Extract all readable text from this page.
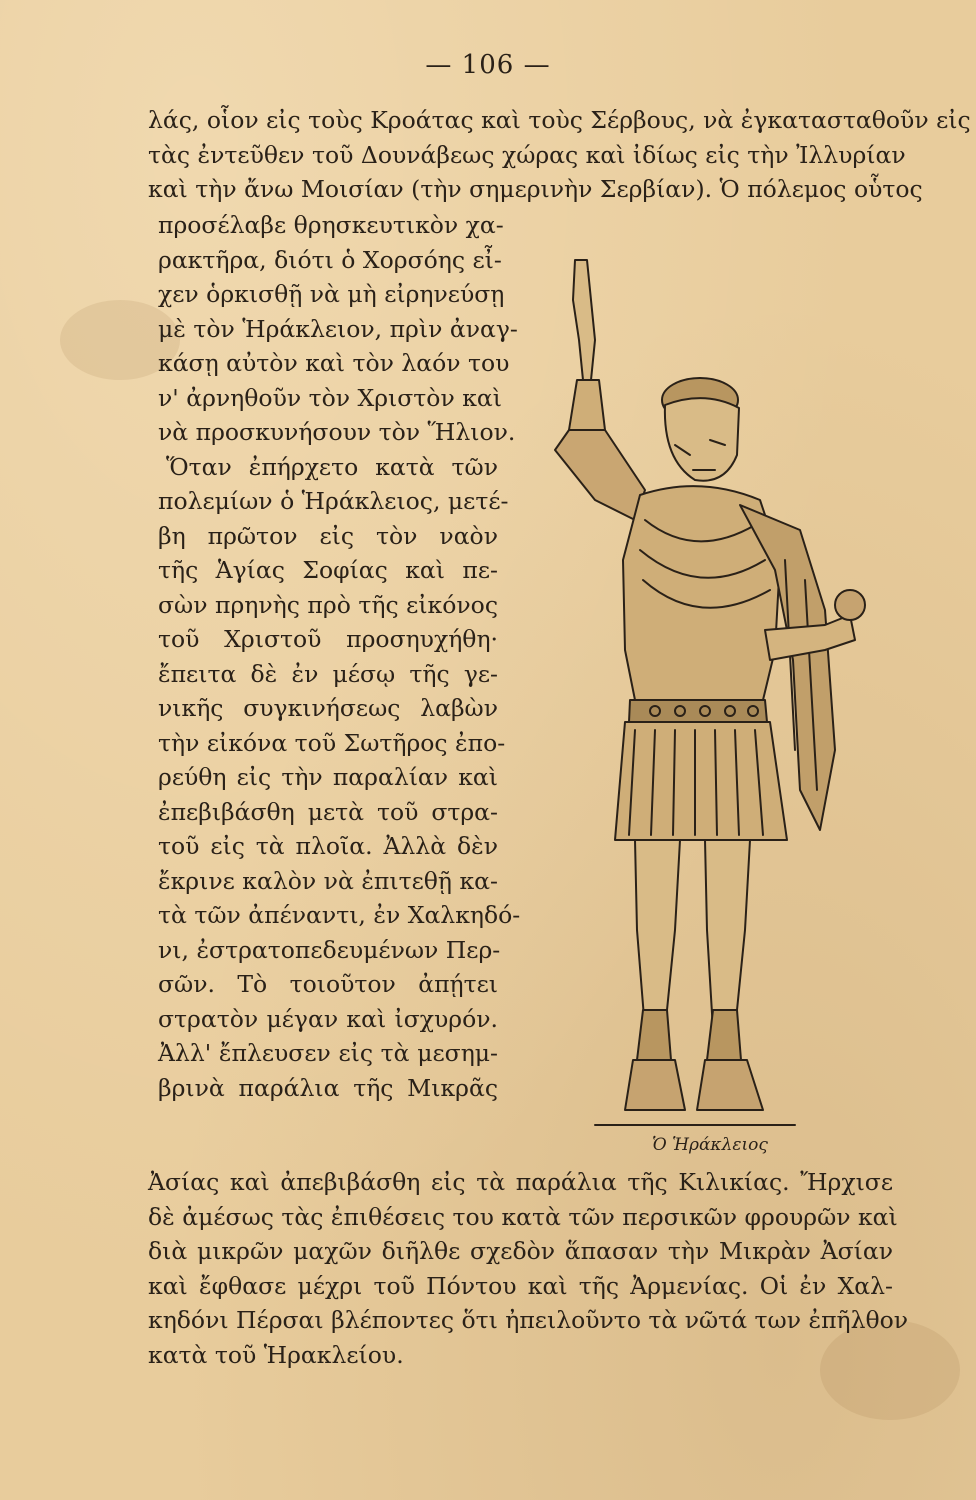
— 106 —
λάς, οἷον εἰς τοὺς Κροάτας καὶ τοὺς Σέρβους, νὰ ἐγκατασταθοῦν εἰς
τὰς ἐντεῦθεν τοῦ Δουνάβεως χώρας καὶ ἰδίως εἰς τὴν Ἰλλυρίαν
καὶ τὴν ἄνω Μοισίαν (τὴν σημερινὴν Σερβίαν). Ὁ πόλεμος οὗτος
προσέλαβε θρησκευτικὸν χα-
ρακτῆρα, διότι ὁ Χορσόης εἶ-
χεν ὁρκισθῇ νὰ μὴ εἰρηνεύσῃ
μὲ τὸν Ἡράκλειον, πρὶν ἀναγ-
κάσῃ αὐτὸν καὶ τὸν λαόν του
ν' ἀρνηθοῦν τὸν Χριστὸν καὶ
νὰ προσκυνήσουν τὸν Ἥλιον.
Ὅταν ἐπήρχετο κατὰ τῶν
πολεμίων ὁ Ἡράκλειος, μετέ-
βη πρῶτον εἰς τὸν ναὸν
τῆς Ἁγίας Σοφίας καὶ πε-
σὼν πρηνὴς πρὸ τῆς εἰκόνος
τοῦ Χριστοῦ προσηυχήθη·
ἔπειτα δὲ ἐν μέσῳ τῆς γε-
νικῆς συγκινήσεως λαβὼν
τὴν εἰκόνα τοῦ Σωτῆρος ἐπο-
ρεύθη εἰς τὴν παραλίαν καὶ
ἐπεβιβάσθη μετὰ τοῦ στρα-
τοῦ εἰς τὰ πλοῖα. Ἀλλὰ δὲν
ἔκρινε καλὸν νὰ ἐπιτεθῇ κα-
τὰ τῶν ἀπέναντι, ἐν Χαλκηδό-
νι, ἐστρατοπεδευμένων Περ-
σῶν. Τὸ τοιοῦτον ἀπῄτει
στρατὸν μέγαν καὶ ἰσχυρόν.
Ἀλλ' ἔπλευσεν εἰς τὰ μεσημ-
βρινὰ παράλια τῆς Μικρᾶς
Ὁ Ἡράκλειος
Ἀσίας καὶ ἀπεβιβάσθη εἰς τὰ παράλια τῆς Κιλικίας. Ἤρχισε
δὲ ἀμέσως τὰς ἐπιθέσεις του κατὰ τῶν περσικῶν φρουρῶν καὶ
διὰ μικρῶν μαχῶν διῆλθε σχεδὸν ἅπασαν τὴν Μικρὰν Ἀσίαν
καὶ ἔφθασε μέχρι τοῦ Πόντου καὶ τῆς Ἀρμενίας. Οἱ ἐν Χαλ-
κηδόνι Πέρσαι βλέποντες ὅτι ἠπειλοῦντο τὰ νῶτά των ἐπῆλθον
κατὰ τοῦ Ἡρακλείου.
